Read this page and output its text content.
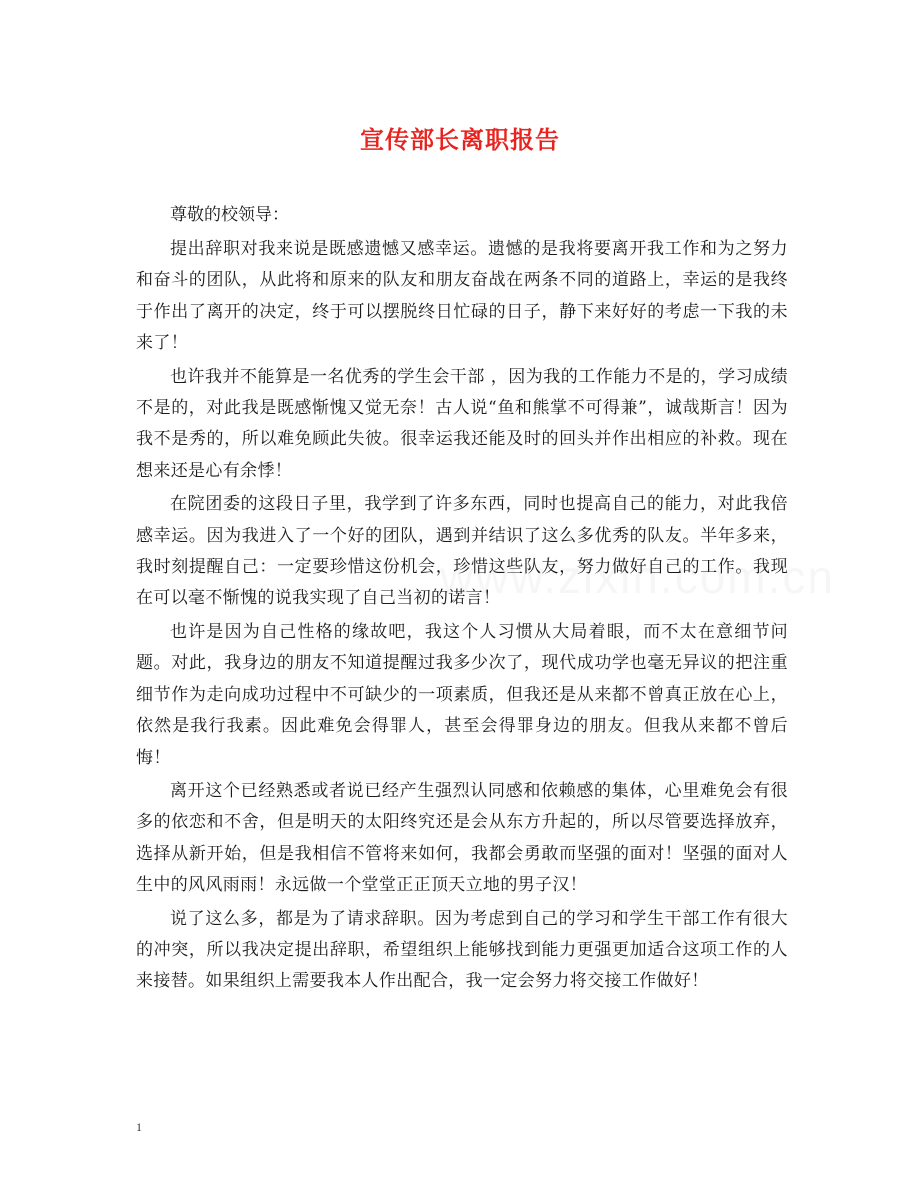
宣传部长离职报告

尊敬的校领导：

提出辞职对我来说是既感遗憾又感幸运。遗憾的是我将要离开我工作和为之努力和奋斗的团队，从此将和原来的队友和朋友奋战在两条不同的道路上，幸运的是我终于作出了离开的决定，终于可以摆脱终日忙碌的日子，静下来好好的考虑一下我的未来了！

也许我并不能算是一名优秀的学生会干部 ，因为我的工作能力不是的，学习成绩不是的，对此我是既感惭愧又觉无奈！古人说“鱼和熊掌不可得兼”，诚哉斯言！因为我不是秀的，所以难免顾此失彼。很幸运我还能及时的回头并作出相应的补救。现在想来还是心有余悸！

在院团委的这段日子里，我学到了许多东西，同时也提高自己的能力，对此我倍感幸运。因为我进入了一个好的团队，遇到并结识了这么多优秀的队友。半年多来，我时刻提醒自己：一定要珍惜这份机会，珍惜这些队友，努力做好自己的工作。我现在可以毫不惭愧的说我实现了自己当初的诺言！

也许是因为自己性格的缘故吧，我这个人习惯从大局着眼，而不太在意细节问题。对此，我身边的朋友不知道提醒过我多少次了，现代成功学也毫无异议的把注重细节作为走向成功过程中不可缺少的一项素质，但我还是从来都不曾真正放在心上，依然是我行我素。因此难免会得罪人，甚至会得罪身边的朋友。但我从来都不曾后悔！

离开这个已经熟悉或者说已经产生强烈认同感和依赖感的集体，心里难免会有很多的依恋和不舍，但是明天的太阳终究还是会从东方升起的，所以尽管要选择放弃，选择从新开始，但是我相信不管将来如何，我都会勇敢而坚强的面对！坚强的面对人生中的风风雨雨！永远做一个堂堂正正顶天立地的男子汉！

说了这么多，都是为了请求辞职。因为考虑到自己的学习和学生干部工作有很大的冲突，所以我决定提出辞职，希望组织上能够找到能力更强更加适合这项工作的人来接替。如果组织上需要我本人作出配合，我一定会努力将交接工作做好！

1
